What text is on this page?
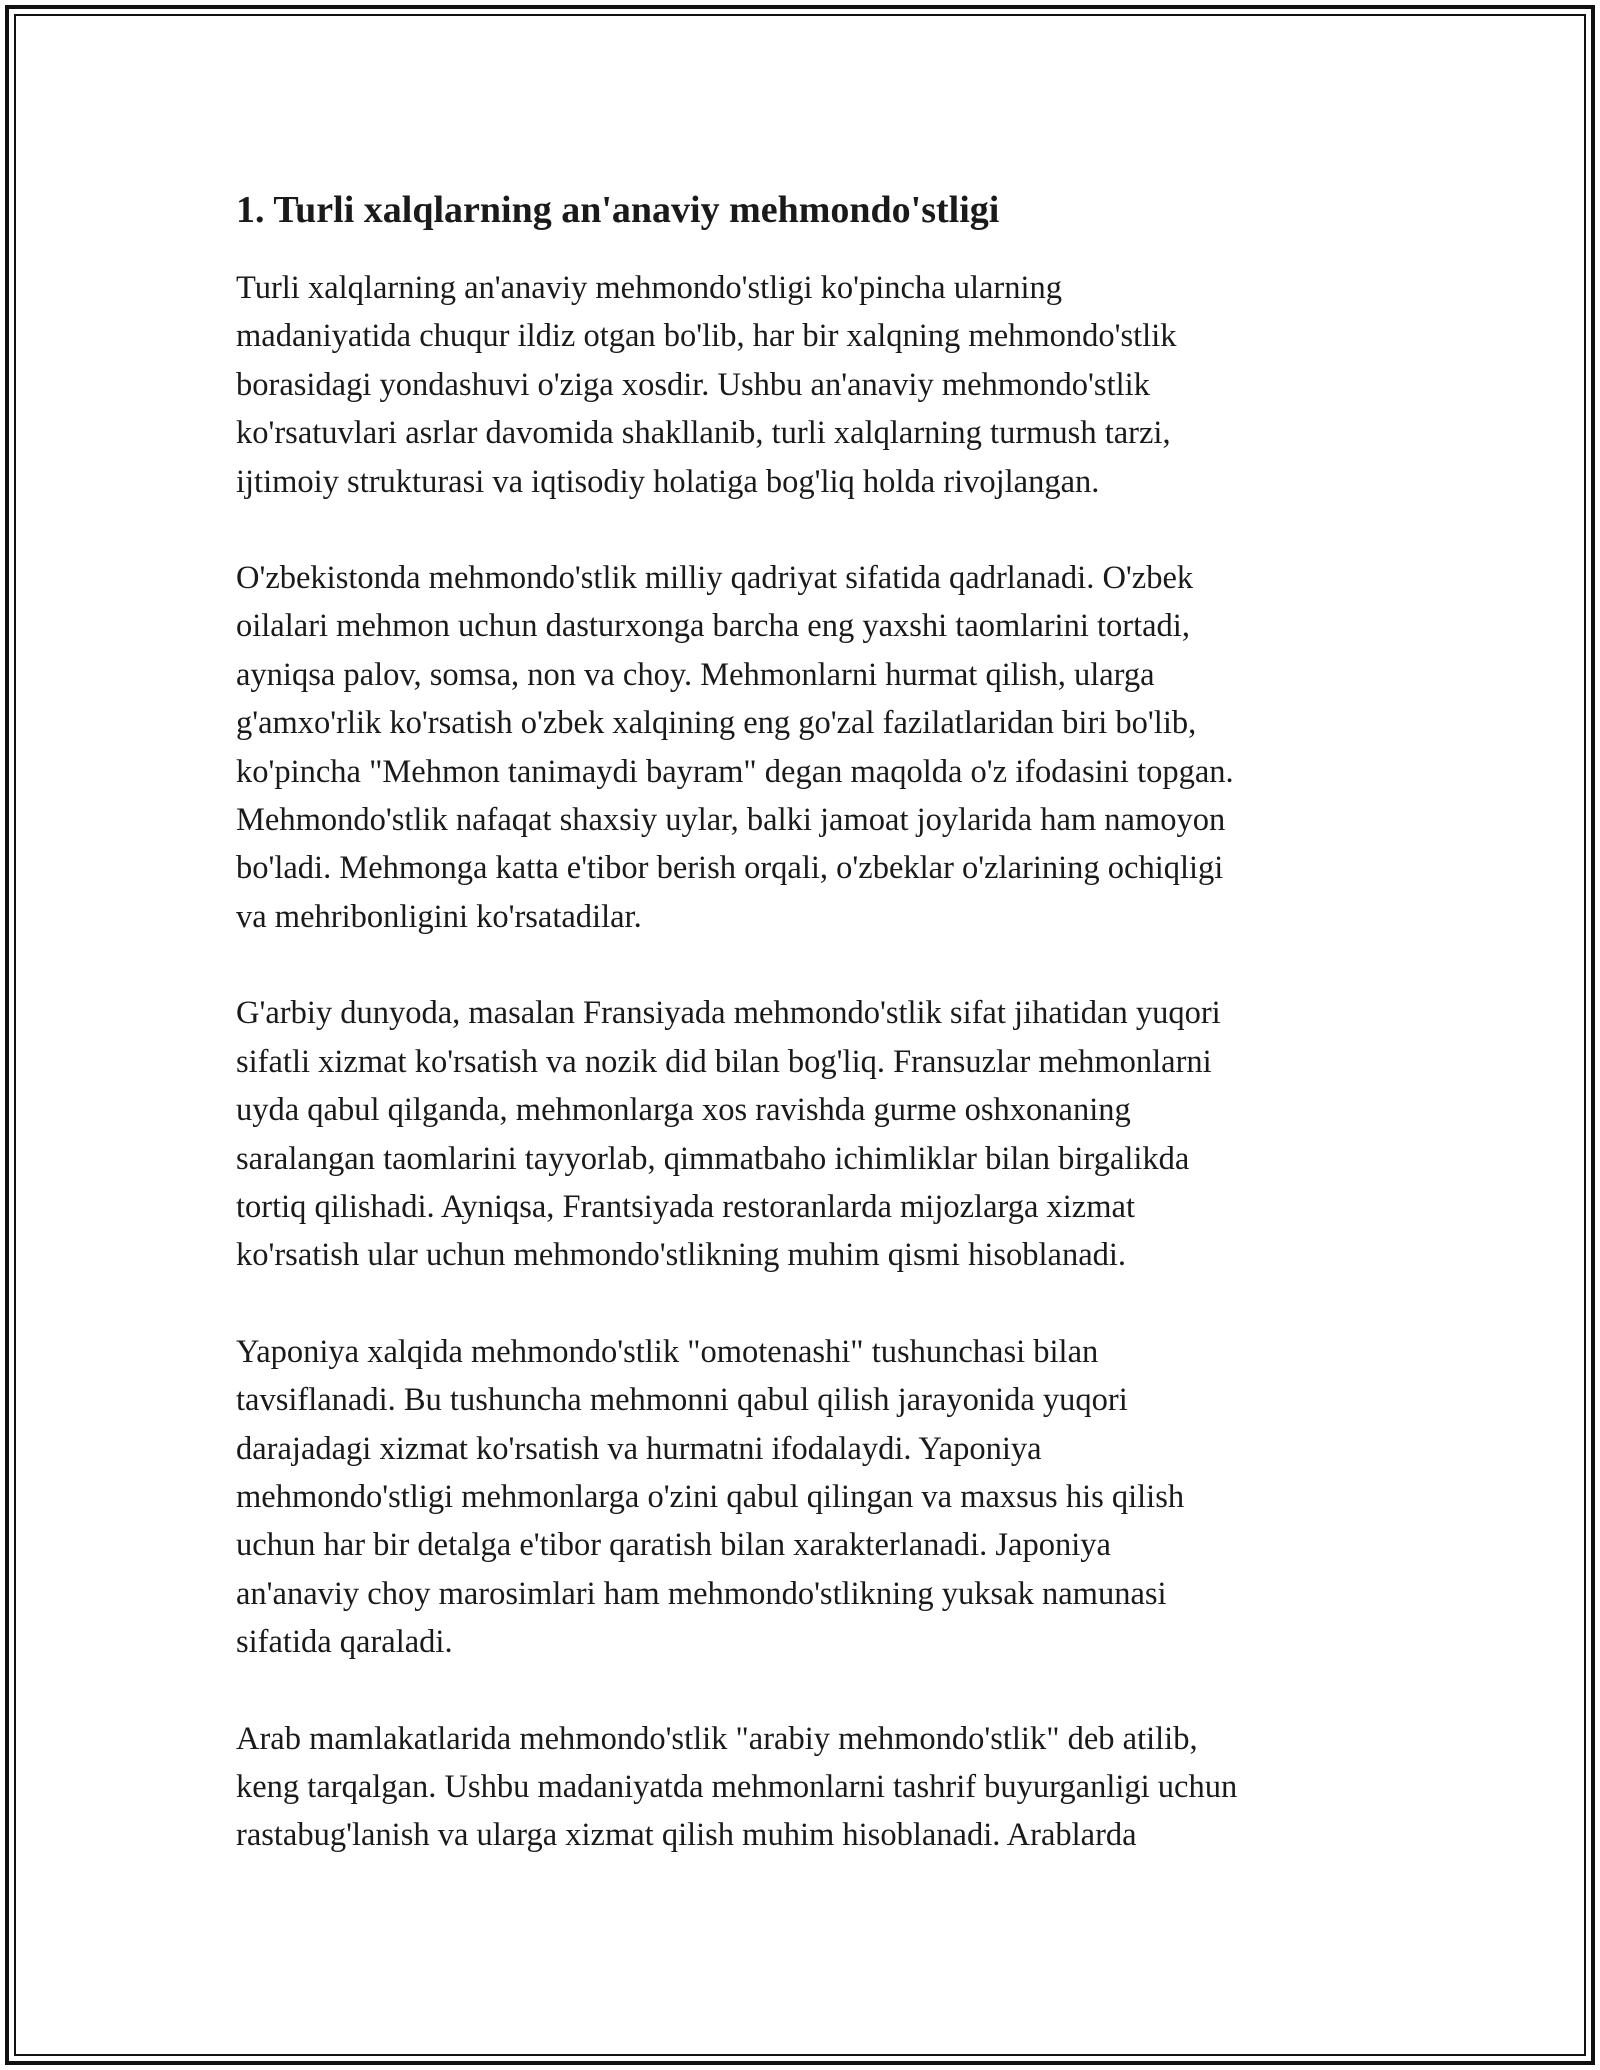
1. Turli xalqlarning an'anaviy mehmondo'stligi
Turli xalqlarning an'anaviy mehmondo'stligi ko'pincha ularning
madaniyatida chuqur ildiz otgan bo'lib, har bir xalqning mehmondo'stlik
borasidagi yondashuvi o'ziga xosdir. Ushbu an'anaviy mehmondo'stlik
ko'rsatuvlari asrlar davomida shakllanib, turli xalqlarning turmush tarzi,
ijtimoiy strukturasi va iqtisodiy holatiga bog'liq holda rivojlangan.
O'zbekistonda mehmondo'stlik milliy qadriyat sifatida qadrlanadi. O'zbek
oilalari mehmon uchun dasturxonga barcha eng yaxshi taomlarini tortadi,
ayniqsa palov, somsa, non va choy. Mehmonlarni hurmat qilish, ularga
g'amxo'rlik ko'rsatish o'zbek xalqining eng go'zal fazilatlaridan biri bo'lib,
ko'pincha "Mehmon tanimaydi bayram" degan maqolda o'z ifodasini topgan.
Mehmondo'stlik nafaqat shaxsiy uylar, balki jamoat joylarida ham namoyon
bo'ladi. Mehmonga katta e'tibor berish orqali, o'zbeklar o'zlarining ochiqligi
va mehribonligini ko'rsatadilar.
G'arbiy dunyoda, masalan Fransiyada mehmondo'stlik sifat jihatidan yuqori
sifatli xizmat ko'rsatish va nozik did bilan bog'liq. Fransuzlar mehmonlarni
uyda qabul qilganda, mehmonlarga xos ravishda gurme oshxonaning
saralangan taomlarini tayyorlab, qimmatbaho ichimliklar bilan birgalikda
tortiq qilishadi. Ayniqsa, Frantsiyada restoranlarda mijozlarga xizmat
ko'rsatish ular uchun mehmondo'stlikning muhim qismi hisoblanadi.
Yaponiya xalqida mehmondo'stlik "omotenashi" tushunchasi bilan
tavsiflanadi. Bu tushuncha mehmonni qabul qilish jarayonida yuqori
darajadagi xizmat ko'rsatish va hurmatni ifodalaydi. Yaponiya
mehmondo'stligi mehmonlarga o'zini qabul qilingan va maxsus his qilish
uchun har bir detalga e'tibor qaratish bilan xarakterlanadi. Japoniya
an'anaviy choy marosimlari ham mehmondo'stlikning yuksak namunasi
sifatida qaraladi.
Arab mamlakatlarida mehmondo'stlik "arabiy mehmondo'stlik" deb atilib,
keng tarqalgan. Ushbu madaniyatda mehmonlarni tashrif buyurganligi uchun
rastabug'lanish va ularga xizmat qilish muhim hisoblanadi. Arablarda
